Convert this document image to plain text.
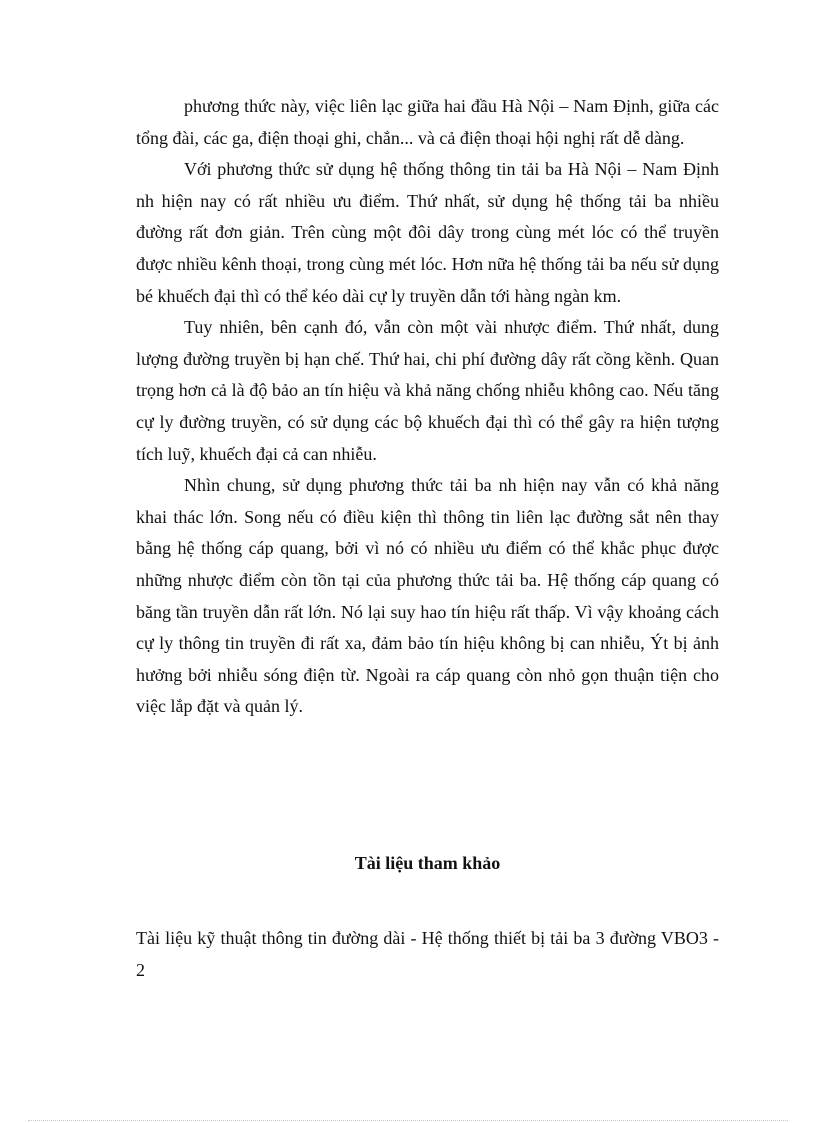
phương thức này, việc liên lạc giữa hai đầu Hà Nội – Nam Định, giữa các tổng đài, các ga, điện thoại ghi, chắn... và cả điện thoại hội nghị rất dễ dàng.

Với phương thức sử dụng hệ thống thông tin tải ba Hà Nội – Nam Định nh hiện nay có rất nhiều ưu điểm. Thứ nhất, sử dụng hệ thống tải ba nhiều đường rất đơn giản. Trên cùng một đôi dây trong cùng mét lóc có thể truyền được nhiều kênh thoại, trong cùng mét lóc. Hơn nữa hệ thống tải ba nếu sử dụng bé khuếch đại thì có thể kéo dài cự ly truyền dẫn tới hàng ngàn km.

Tuy nhiên, bên cạnh đó, vẫn còn một vài nhược điểm. Thứ nhất, dung lượng đường truyền bị hạn chế. Thứ hai, chi phí đường dây rất cồng kềnh. Quan trọng hơn cả là độ bảo an tín hiệu và khả năng chống nhiễu không cao. Nếu tăng cự ly đường truyền, có sử dụng các bộ khuếch đại thì có thể gây ra hiện tượng tích luỹ, khuếch đại cả can nhiễu.

Nhìn chung, sử dụng phương thức tải ba nh hiện nay vẫn có khả năng khai thác lớn. Song nếu có điều kiện thì thông tin liên lạc đường sắt nên thay bằng hệ thống cáp quang, bởi vì nó có nhiều ưu điểm có thể khắc phục được những nhược điểm còn tồn tại của phương thức tải ba. Hệ thống cáp quang có băng tần truyền dẫn rất lớn. Nó lại suy hao tín hiệu rất thấp. Vì vậy khoảng cách cự ly thông tin truyền đi rất xa, đảm bảo tín hiệu không bị can nhiễu, Ýt bị ảnh hưởng bởi nhiễu sóng điện từ. Ngoài ra cáp quang còn nhỏ gọn thuận tiện cho việc lắp đặt và quản lý.

Tài liệu tham khảo

Tài liệu kỹ thuật thông tin đường dài - Hệ thống thiết bị tải ba 3 đường VBO3 - 2
